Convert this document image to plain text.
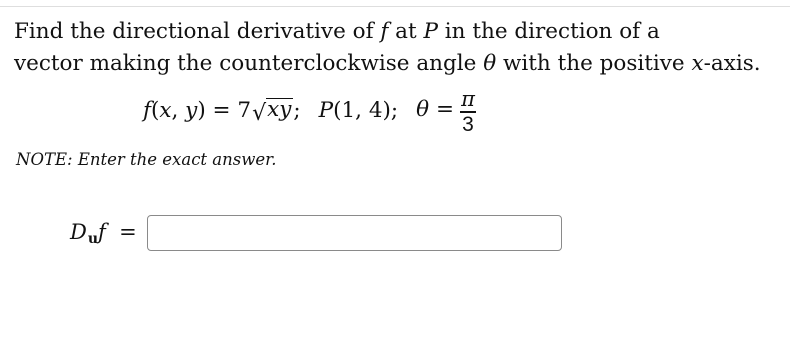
Find the directional derivative of f at P in the direction of a
vector making the counterclockwise angle θ with the positive x-axis.
f(x, y) = 7 √ xy ; P(1, 4); $\theta = \frac{\pi}{3}$
NOTE: Enter the exact answer.
$D_uf$  =
